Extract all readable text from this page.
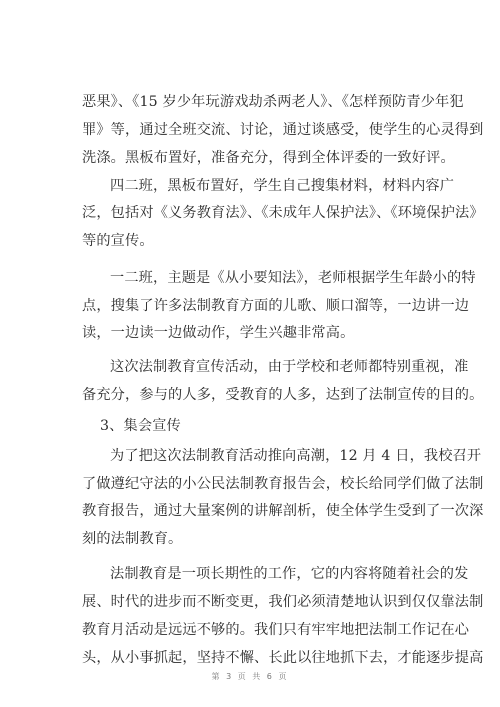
恶果》、《15 岁少年玩游戏劫杀两老人》、《怎样预防青少年犯
罪》等，通过全班交流、讨论，通过谈感受，使学生的心灵得到
洗涤。黑板布置好，准备充分，得到全体评委的一致好评。
四二班，黑板布置好，学生自己搜集材料，材料内容广
泛，包括对《义务教育法》、《未成年人保护法》、《环境保护法》
等的宣传。
一二班，主题是《从小要知法》，老师根据学生年龄小的特
点，搜集了许多法制教育方面的儿歌、顺口溜等，一边讲一边
读，一边读一边做动作，学生兴趣非常高。
这次法制教育宣传活动，由于学校和老师都特别重视，准
备充分，参与的人多，受教育的人多，达到了法制宣传的目的。
3、集会宣传
为了把这次法制教育活动推向高潮，12 月 4 日，我校召开
了做遵纪守法的小公民法制教育报告会，校长给同学们做了法制
教育报告，通过大量案例的讲解剖析，使全体学生受到了一次深
刻的法制教育。
法制教育是一项长期性的工作，它的内容将随着社会的发
展、时代的进步而不断变更，我们必须清楚地认识到仅仅靠法制
教育月活动是远远不够的。我们只有牢牢地把法制工作记在心
头，从小事抓起，坚持不懈、长此以往地抓下去，才能逐步提高
第 3 页 共 6 页
